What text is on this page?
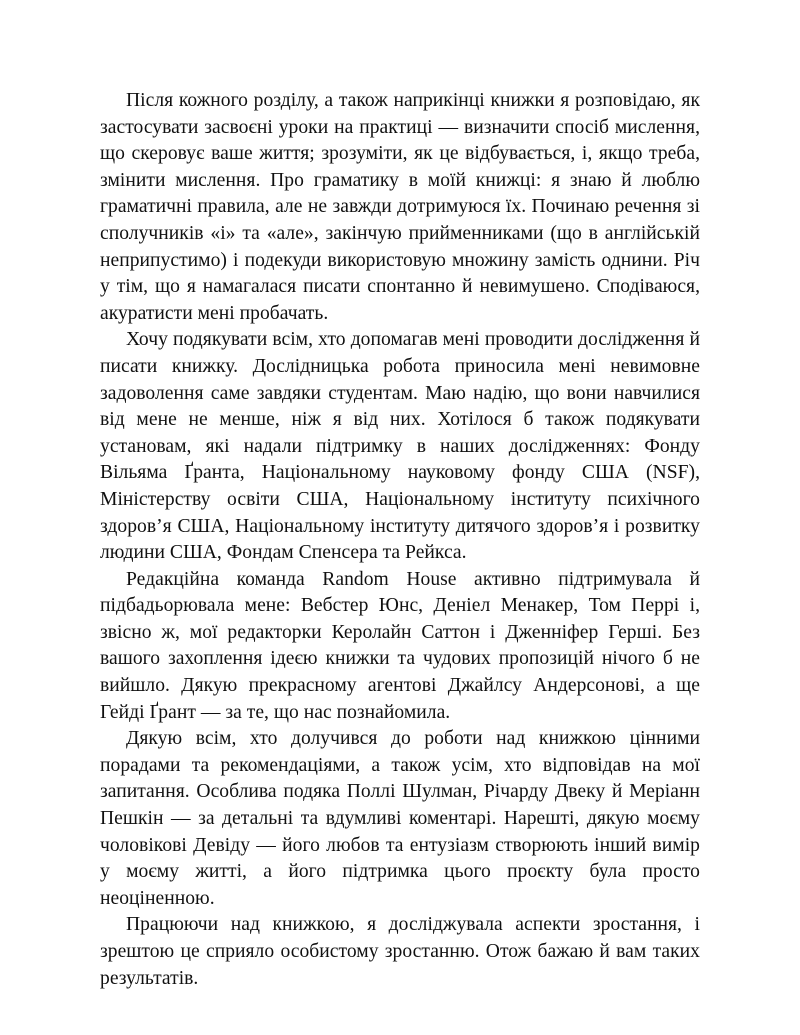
Після кожного розділу, а також наприкінці книжки я розповідаю, як застосувати засвоєні уроки на практиці — визначити спосіб мислення, що скеровує ваше життя; зрозуміти, як це відбувається, і, якщо треба, змінити мислення. Про граматику в моїй книжці: я знаю й люблю граматичні правила, але не завжди дотримуюся їх. Починаю речення зі сполучників «і» та «але», закінчую прийменниками (що в англійській неприпустимо) і подекуди використовую множину замість однини. Річ у тім, що я намагалася писати спонтанно й невимушено. Сподіваюся, акуратисти мені пробачать.

Хочу подякувати всім, хто допомагав мені проводити дослідження й писати книжку. Дослідницька робота приносила мені невимовне задоволення саме завдяки студентам. Маю надію, що вони навчилися від мене не менше, ніж я від них. Хотілося б також подякувати установам, які надали підтримку в наших дослідженнях: Фонду Вільяма Ґранта, Національному науковому фонду США (NSF), Міністерству освіти США, Національному інституту психічного здоров’я США, Національному інституту дитячого здоров’я і розвитку людини США, Фондам Спенсера та Рейкса.

Редакційна команда Random House активно підтримувала й підбадьорювала мене: Вебстер Юнс, Деніел Менакер, Том Перрі і, звісно ж, мої редакторки Керолайн Саттон і Дженніфер Герші. Без вашого захоплення ідеєю книжки та чудових пропозицій нічого б не вийшло. Дякую прекрасному агентові Джайлсу Андерсонові, а ще Гейді Ґрант — за те, що нас познайомила.

Дякую всім, хто долучився до роботи над книжкою цінними порадами та рекомендаціями, а також усім, хто відповідав на мої запитання. Особлива подяка Поллі Шулман, Річарду Двеку й Меріанн Пешкін — за детальні та вдумливі коментарі. Нарешті, дякую моєму чоловікові Девіду — його любов та ентузіазм створюють інший вимір у моєму житті, а його підтримка цього проєкту була просто неоціненною.

Працюючи над книжкою, я досліджувала аспекти зростання, і зрештою це сприяло особистому зростанню. Отож бажаю й вам таких результатів.
